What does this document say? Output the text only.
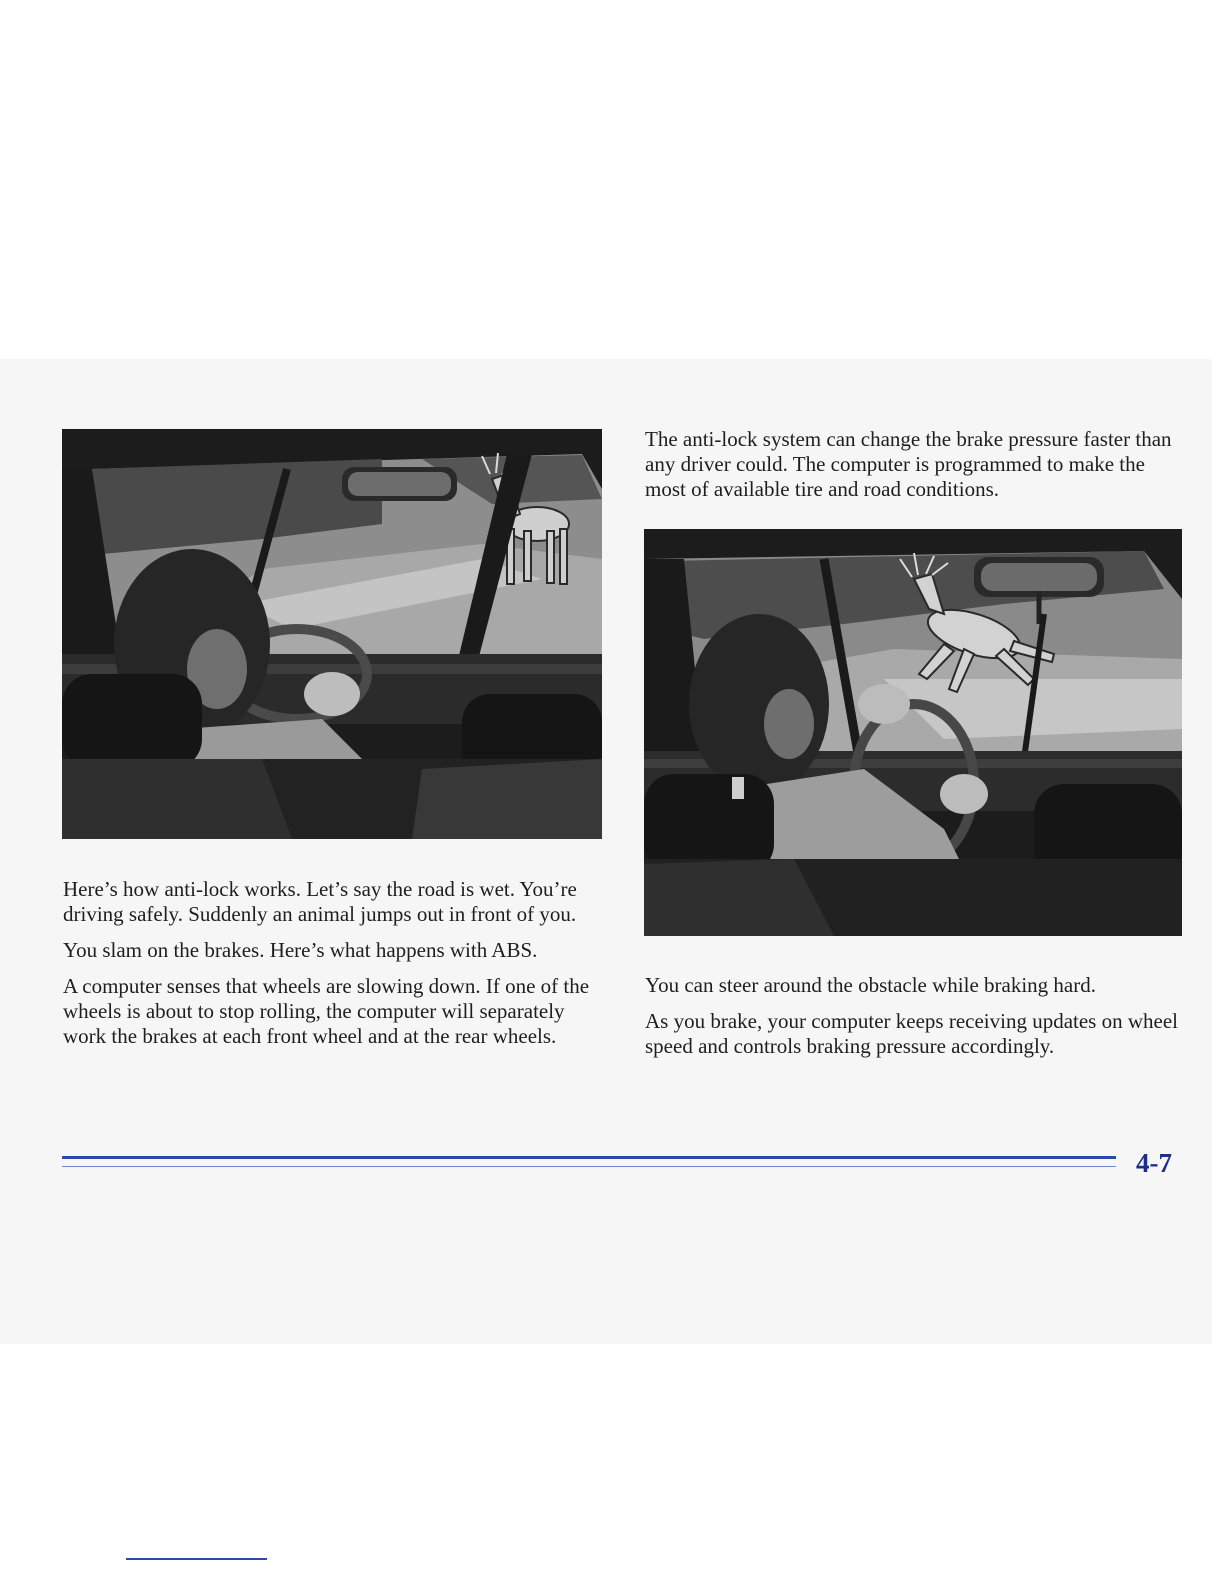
Here’s how anti-lock works. Let’s say the road is wet. You’re driving safely. Suddenly an animal jumps out in front of you.

You slam on the brakes. Here’s what happens with ABS.

A computer senses that wheels are slowing down. If one of the wheels is about to stop rolling, the computer will separately work the brakes at each front wheel and at the rear wheels.

The anti-lock system can change the brake pressure faster than any driver could. The computer is programmed to make the most of available tire and road conditions.

You can steer around the obstacle while braking hard.

As you brake, your computer keeps receiving updates on wheel speed and controls braking pressure accordingly.

4-7
